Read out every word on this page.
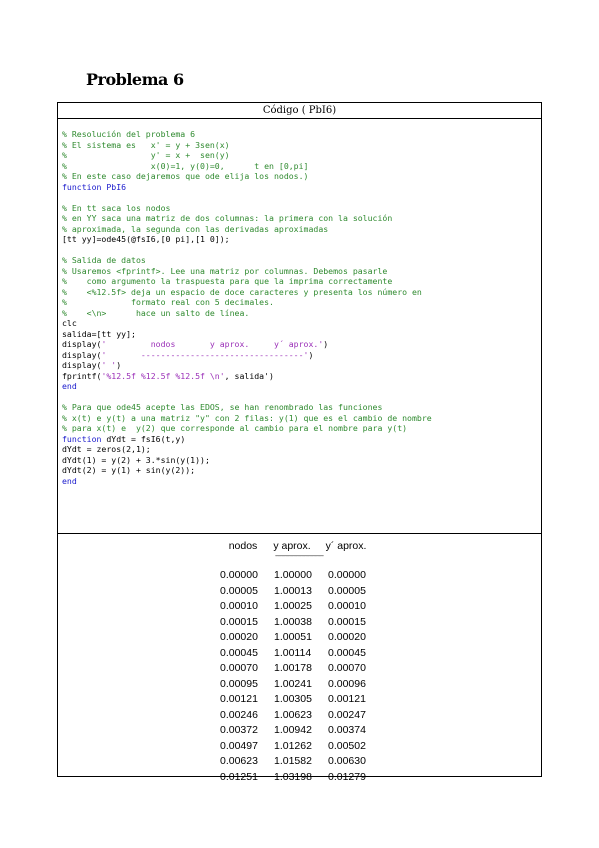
Problema 6
Código ( PbI6)
% Resolución del problema 6
% El sistema es   x' = y + 3sen(x)
%                 y' = x +  sen(y)
%                 x(0)=1, y(0)=0,      t en [0,pi]
% En este caso dejaremos que ode elija los nodos.)
function PbI6
% En tt saca los nodos
% en YY saca una matriz de dos columnas: la primera con la solución
% aproximada, la segunda con las derivadas aproximadas
[tt yy]=ode45(@fsI6,[0 pi],[1 0]);
% Salida de datos
% Usaremos <fprintf>. Lee una matriz por columnas. Debemos pasarle
%    como argumento la traspuesta para que la imprima correctamente
%    <%12.5f> deja un espacio de doce caracteres y presenta los número en
%             formato real con 5 decimales.
%    <\n>      hace un salto de línea.
clc
salida=[tt yy];
display('         nodos       y aprox.     y´ aprox.')
display('       ---------------------------------')
display(' ')
fprintf('%12.5f %12.5f %12.5f \n', salida')
end
% Para que ode45 acepte las EDOS, se han renombrado las funciones
% x(t) e y(t) a una matriz "y" con 2 filas: y(1) que es el cambio de nombre
% para x(t) e  y(2) que corresponde al cambio para el nombre para y(t)
function dYdt = fsI6(t,y)
dYdt = zeros(2,1);
dYdt(1) = y(2) + 3.*sin(y(1));
dYdt(2) = y(1) + sin(y(2));
end
nodos	y aprox.	y´ aprox.
------------------------------------
0.00000	1.00000	0.00000
0.00005	1.00013	0.00005
0.00010	1.00025	0.00010
0.00015	1.00038	0.00015
0.00020	1.00051	0.00020
0.00045	1.00114	0.00045
0.00070	1.00178	0.00070
0.00095	1.00241	0.00096
0.00121	1.00305	0.00121
0.00246	1.00623	0.00247
0.00372	1.00942	0.00374
0.00497	1.01262	0.00502
0.00623	1.01582	0.00630
0.01251	1.03198	0.01279
